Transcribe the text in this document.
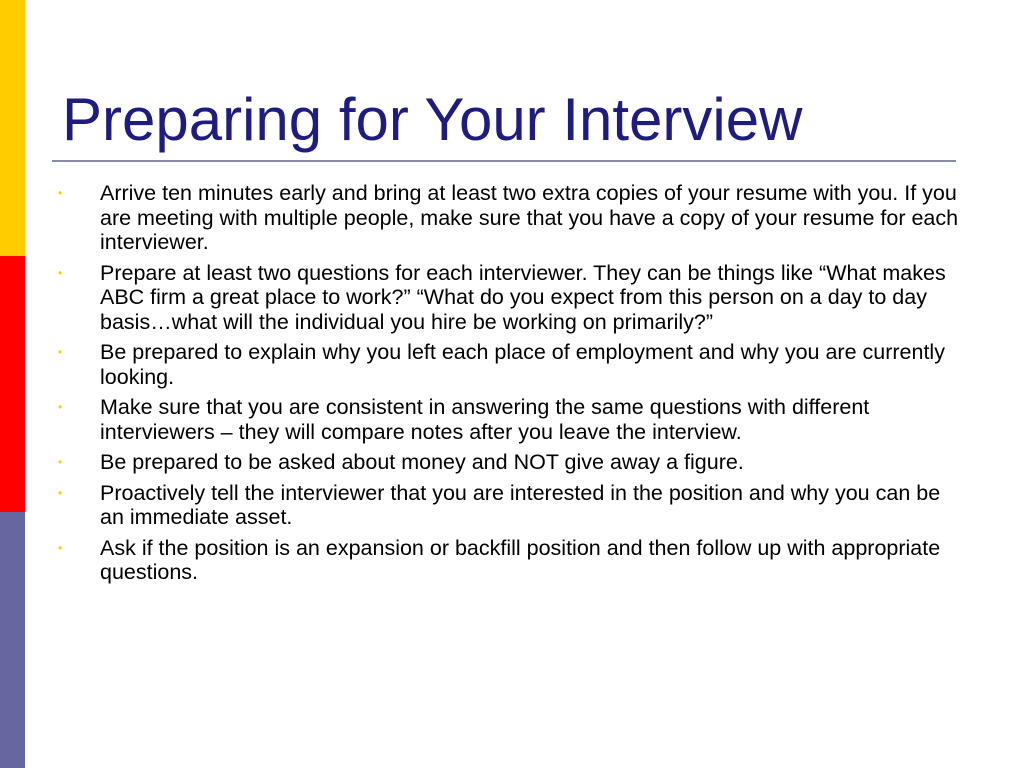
Preparing for Your Interview
• Arrive ten minutes early and bring at least two extra copies of your resume with you. If you are meeting with multiple people, make sure that you have a copy of your resume for each interviewer.
• Prepare at least two questions for each interviewer. They can be things like “What makes ABC firm a great place to work?” “What do you expect from this person on a day to day basis…what will the individual you hire be working on primarily?”
• Be prepared to explain why you left each place of employment and why you are currently looking.
• Make sure that you are consistent in answering the same questions with different interviewers – they will compare notes after you leave the interview.
• Be prepared to be asked about money and NOT give away a figure.
• Proactively tell the interviewer that you are interested in the position and why you can be an immediate asset.
• Ask if the position is an expansion or backfill position and then follow up with appropriate questions.
